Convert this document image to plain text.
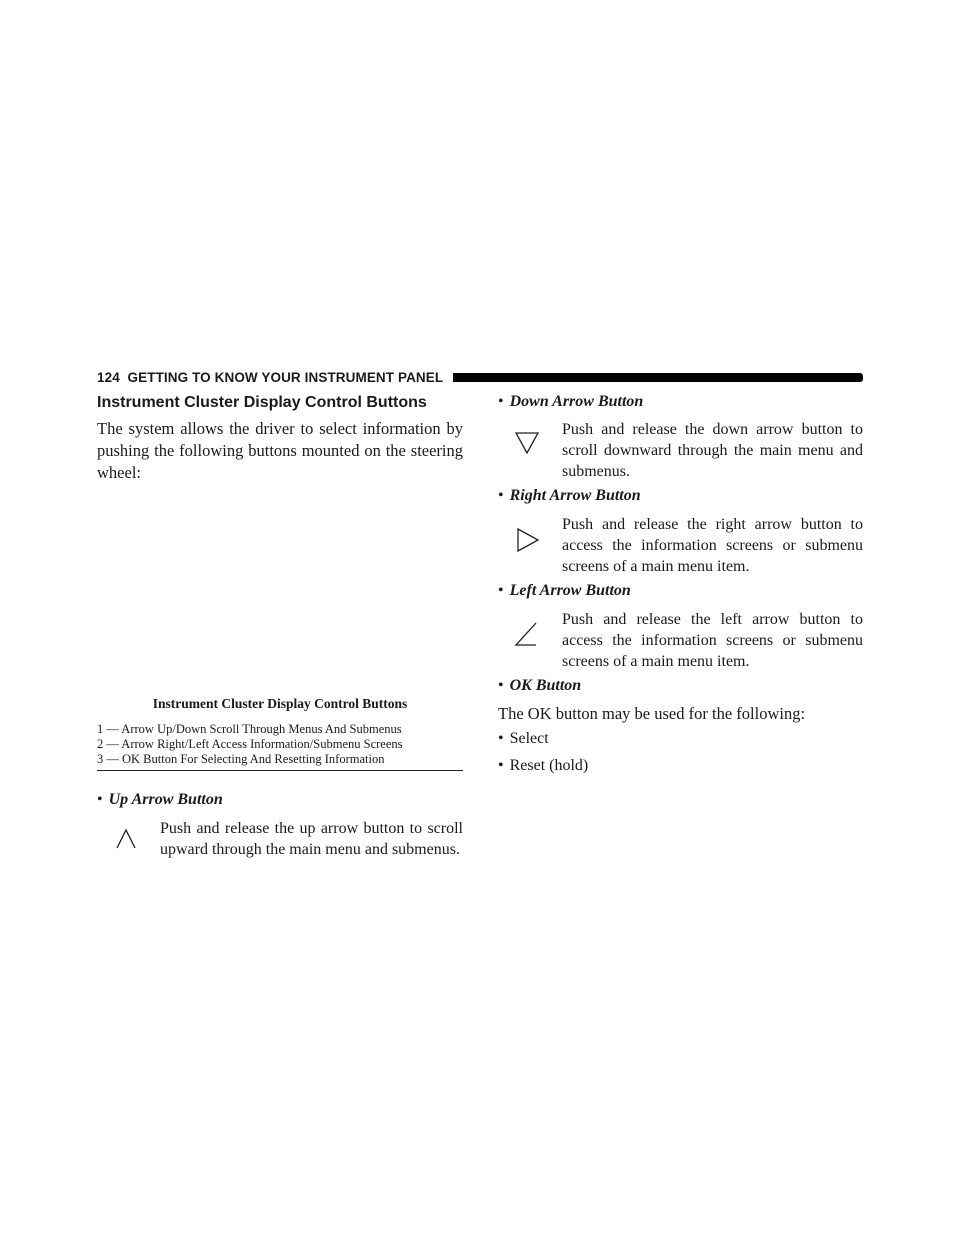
124 GETTING TO KNOW YOUR INSTRUMENT PANEL
Instrument Cluster Display Control Buttons

The system allows the driver to select information by pushing the following buttons mounted on the steering wheel:

Instrument Cluster Display Control Buttons
1 — Arrow Up/Down Scroll Through Menus And Submenus
2 — Arrow Right/Left Access Information/Submenu Screens
3 — OK Button For Selecting And Resetting Information
• Up Arrow Button

Push and release the up arrow button to scroll upward through the main menu and submenus.

• Down Arrow Button

Push and release the down arrow button to scroll downward through the main menu and submenus.

• Right Arrow Button

Push and release the right arrow button to access the information screens or submenu screens of a main menu item.

• Left Arrow Button

Push and release the left arrow button to access the information screens or submenu screens of a main menu item.

• OK Button

The OK button may be used for the following:

• Select
• Reset (hold)
